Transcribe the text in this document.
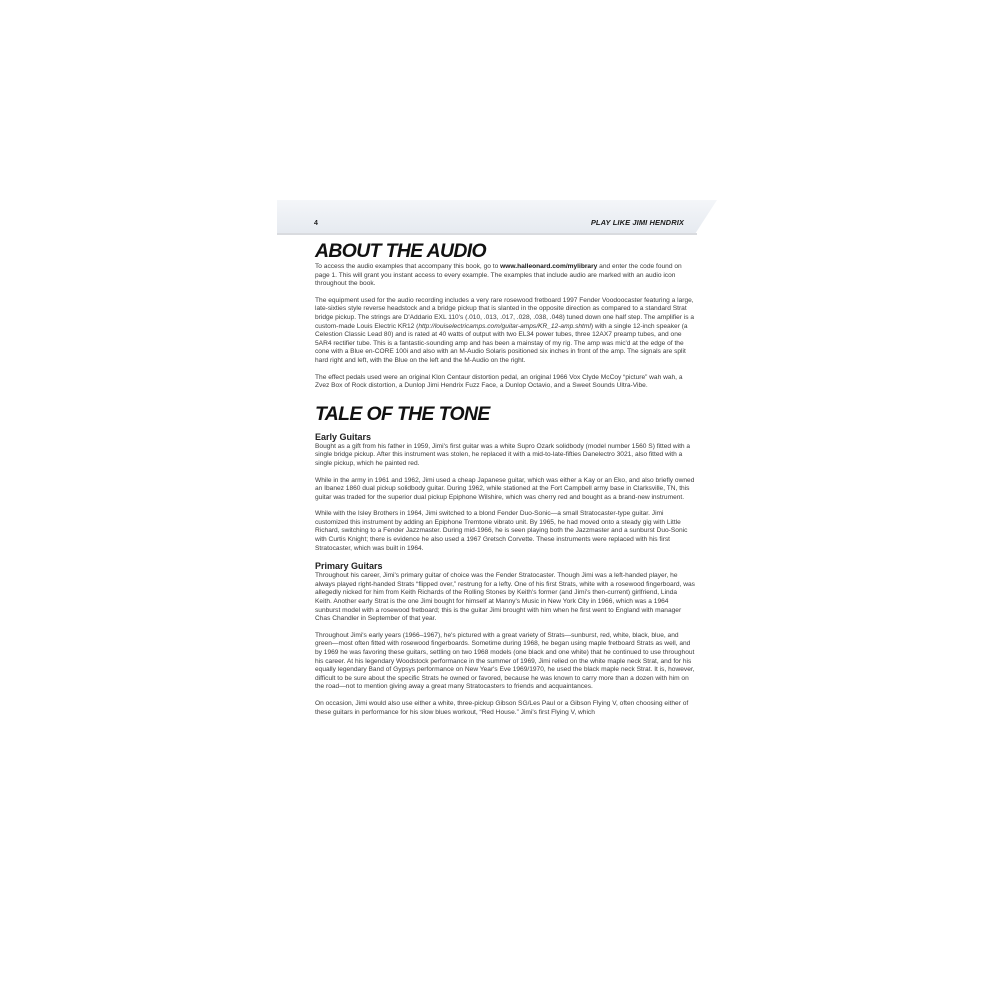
4	PLAY LIKE JIMI HENDRIX
ABOUT THE AUDIO

To access the audio examples that accompany this book, go to www.halleonard.com/mylibrary and enter the code found on page 1. This will grant you instant access to every example. The examples that include audio are marked with an audio icon throughout the book.

The equipment used for the audio recording includes a very rare rosewood fretboard 1997 Fender Voodoocaster featuring a large, late-sixties style reverse headstock and a bridge pickup that is slanted in the opposite direction as compared to a standard Strat bridge pickup. The strings are D'Addario EXL 110's (.010, .013, .017, .028, .038, .048) tuned down one half step. The amplifier is a custom-made Louis Electric KR12 (http://louiselectricamps.com/guitar-amps/KR_12-amp.shtml) with a single 12-inch speaker (a Celestion Classic Lead 80) and is rated at 40 watts of output with two EL34 power tubes, three 12AX7 preamp tubes, and one 5AR4 rectifier tube. This is a fantastic-sounding amp and has been a mainstay of my rig. The amp was mic'd at the edge of the cone with a Blue en-CORE 100i and also with an M-Audio Solaris positioned six inches in front of the amp. The signals are split hard right and left, with the Blue on the left and the M-Audio on the right.

The effect pedals used were an original Klon Centaur distortion pedal, an original 1966 Vox Clyde McCoy “picture” wah wah, a Zvez Box of Rock distortion, a Dunlop Jimi Hendrix Fuzz Face, a Dunlop Octavio, and a Sweet Sounds Ultra-Vibe.

TALE OF THE TONE
Early Guitars

Bought as a gift from his father in 1959, Jimi's first guitar was a white Supro Ozark solidbody (model number 1560 S) fitted with a single bridge pickup. After this instrument was stolen, he replaced it with a mid-to-late-fifties Danelectro 3021, also fitted with a single pickup, which he painted red.

While in the army in 1961 and 1962, Jimi used a cheap Japanese guitar, which was either a Kay or an Eko, and also briefly owned an Ibanez 1860 dual pickup solidbody guitar. During 1962, while stationed at the Fort Campbell army base in Clarksville, TN, this guitar was traded for the superior dual pickup Epiphone Wilshire, which was cherry red and bought as a brand-new instrument.

While with the Isley Brothers in 1964, Jimi switched to a blond Fender Duo-Sonic—a small Stratocaster-type guitar. Jimi customized this instrument by adding an Epiphone Tremtone vibrato unit. By 1965, he had moved onto a steady gig with Little Richard, switching to a Fender Jazzmaster. During mid-1966, he is seen playing both the Jazzmaster and a sunburst Duo-Sonic with Curtis Knight; there is evidence he also used a 1967 Gretsch Corvette. These instruments were replaced with his first Stratocaster, which was built in 1964.

Primary Guitars

Throughout his career, Jimi's primary guitar of choice was the Fender Stratocaster. Though Jimi was a left-handed player, he always played right-handed Strats “flipped over,” restrung for a lefty. One of his first Strats, white with a rosewood fingerboard, was allegedly nicked for him from Keith Richards of the Rolling Stones by Keith's former (and Jimi's then-current) girlfriend, Linda Keith. Another early Strat is the one Jimi bought for himself at Manny's Music in New York City in 1966, which was a 1964 sunburst model with a rosewood fretboard; this is the guitar Jimi brought with him when he first went to England with manager Chas Chandler in September of that year.

Throughout Jimi's early years (1966–1967), he's pictured with a great variety of Strats—sunburst, red, white, black, blue, and green—most often fitted with rosewood fingerboards. Sometime during 1968, he began using maple fretboard Strats as well, and by 1969 he was favoring these guitars, settling on two 1968 models (one black and one white) that he continued to use throughout his career. At his legendary Woodstock performance in the summer of 1969, Jimi relied on the white maple neck Strat, and for his equally legendary Band of Gypsys performance on New Year's Eve 1969/1970, he used the black maple neck Strat. It is, however, difficult to be sure about the specific Strats he owned or favored, because he was known to carry more than a dozen with him on the road—not to mention giving away a great many Stratocasters to friends and acquaintances.

On occasion, Jimi would also use either a white, three-pickup Gibson SG/Les Paul or a Gibson Flying V, often choosing either of these guitars in performance for his slow blues workout, “Red House.” Jimi's first Flying V, which
